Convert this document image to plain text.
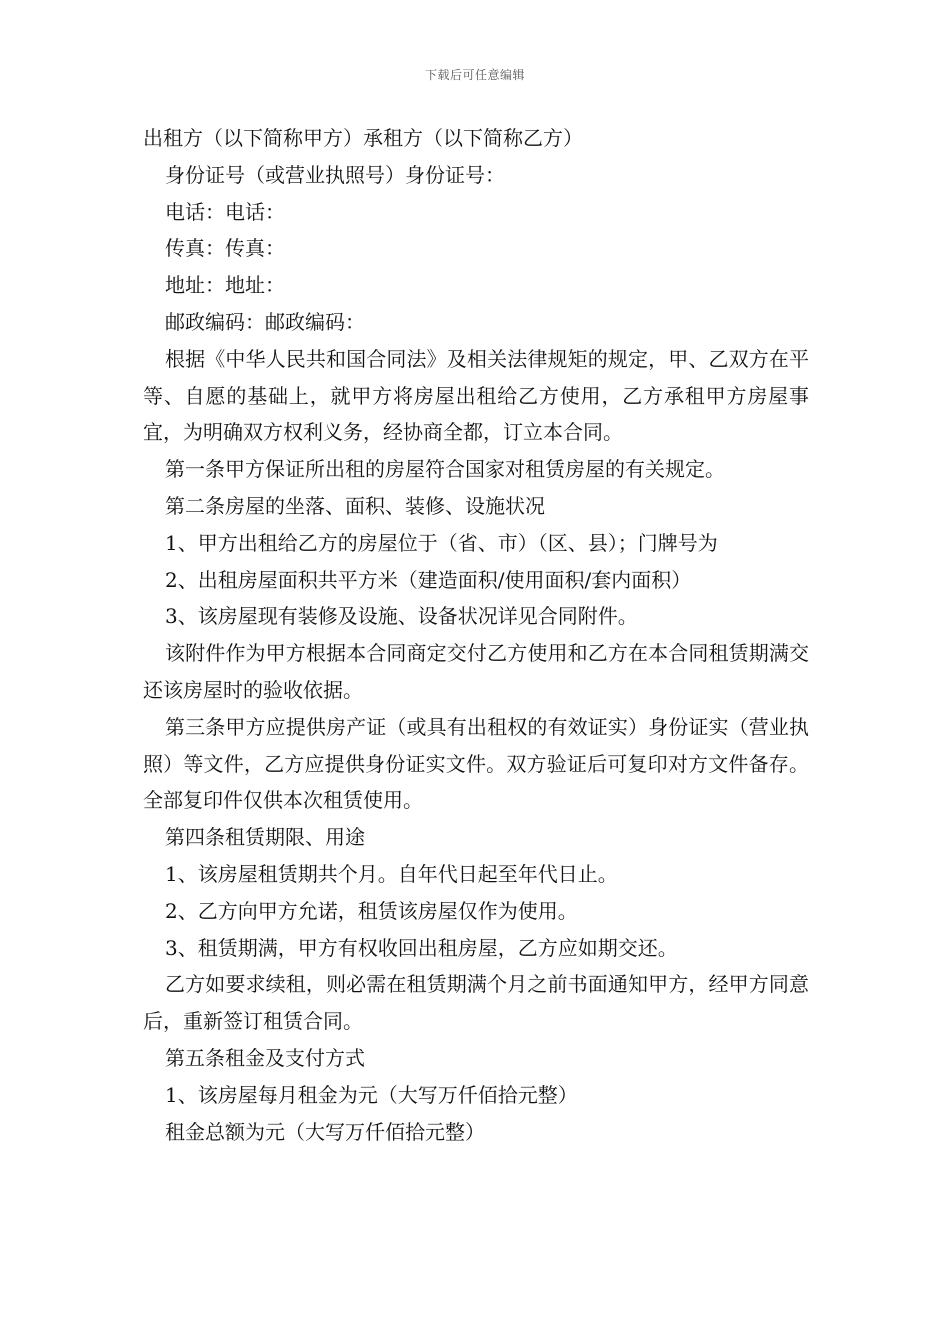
下载后可任意编辑

出租方（以下简称甲方）承租方（以下简称乙方）

身份证号（或营业执照号）身份证号：

电话：电话：

传真：传真：

地址：地址：

邮政编码：邮政编码：

根据《中华人民共和国合同法》及相关法律规矩的规定，甲、乙双方在平等、自愿的基础上，就甲方将房屋出租给乙方使用，乙方承租甲方房屋事宜，为明确双方权利义务，经协商全都，订立本合同。

第一条甲方保证所出租的房屋符合国家对租赁房屋的有关规定。

第二条房屋的坐落、面积、装修、设施状况

1、甲方出租给乙方的房屋位于（省、市）（区、县）；门牌号为

2、出租房屋面积共平方米（建造面积/使用面积/套内面积）

3、该房屋现有装修及设施、设备状况详见合同附件。

该附件作为甲方根据本合同商定交付乙方使用和乙方在本合同租赁期满交还该房屋时的验收依据。

第三条甲方应提供房产证（或具有出租权的有效证实）身份证实（营业执照）等文件，乙方应提供身份证实文件。双方验证后可复印对方文件备存。全部复印件仅供本次租赁使用。

第四条租赁期限、用途

1、该房屋租赁期共个月。自年代日起至年代日止。

2、乙方向甲方允诺，租赁该房屋仅作为使用。

3、租赁期满，甲方有权收回出租房屋，乙方应如期交还。

乙方如要求续租，则必需在租赁期满个月之前书面通知甲方，经甲方同意后，重新签订租赁合同。

第五条租金及支付方式

1、该房屋每月租金为元（大写万仟佰拾元整）

租金总额为元（大写万仟佰拾元整）
